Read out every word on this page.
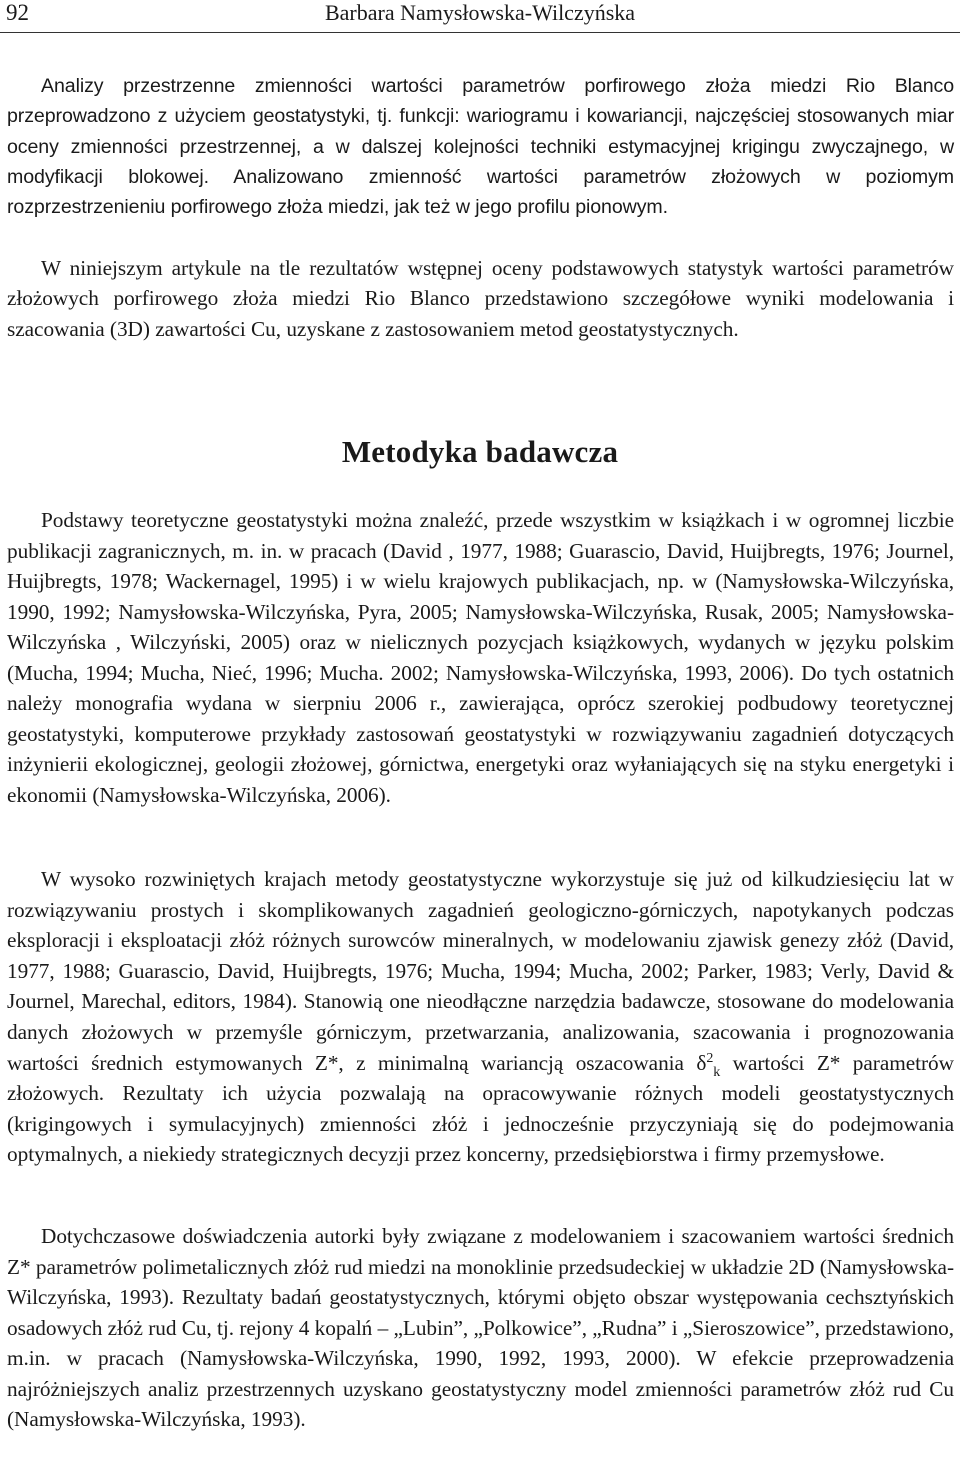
92	Barbara Namysłowska-Wilczyńska

Analizy przestrzenne zmienności wartości parametrów porfirowego złoża miedzi Rio Blanco przeprowadzono z użyciem geostatystyki, tj. funkcji: wariogramu i kowariancji, najczęściej stosowanych miar oceny zmienności przestrzennej, a w dalszej kolejności techniki estymacyjnej krigingu zwyczajnego, w modyfikacji blokowej. Analizowano zmienność wartości parametrów złożowych w poziomym rozprzestrzenieniu porfirowego złoża miedzi, jak też w jego profilu pionowym.

W niniejszym artykule na tle rezultatów wstępnej oceny podstawowych statystyk wartości parametrów złożowych porfirowego złoża miedzi Rio Blanco przedstawiono szczegółowe wyniki modelowania i szacowania (3D) zawartości Cu, uzyskane z zastosowaniem metod geostatystycznych.

Metodyka badawcza

Podstawy teoretyczne geostatystyki można znaleźć, przede wszystkim w książkach i w ogromnej liczbie publikacji zagranicznych, m. in. w pracach (David , 1977, 1988; Guarascio, David, Huijbregts, 1976; Journel, Huijbregts, 1978; Wackernagel, 1995) i w wielu krajowych publikacjach, np. w (Namysłowska-Wilczyńska, 1990, 1992; Namysłowska-Wilczyńska, Pyra, 2005; Namysłowska-Wilczyńska, Rusak, 2005; Namysłowska-Wilczyńska , Wilczyński, 2005) oraz w nielicznych pozycjach książkowych, wydanych w języku polskim (Mucha, 1994; Mucha, Nieć, 1996; Mucha. 2002; Namysłowska-Wilczyńska, 1993, 2006). Do tych ostatnich należy monografia wydana w sierpniu 2006 r., zawierająca, oprócz szerokiej podbudowy teoretycznej geostatystyki, komputerowe przykłady zastosowań geostatystyki w rozwiązywaniu zagadnień dotyczących inżynierii ekologicznej, geologii złożowej, górnictwa, energetyki oraz wyłaniających się na styku energetyki i ekonomii (Namysłowska-Wilczyńska, 2006).

W wysoko rozwiniętych krajach metody geostatystyczne wykorzystuje się już od kilkudziesięciu lat w rozwiązywaniu prostych i skomplikowanych zagadnień geologiczno-górniczych, napotykanych podczas eksploracji i eksploatacji złóż różnych surowców mineralnych, w modelowaniu zjawisk genezy złóż (David, 1977, 1988; Guarascio, David, Huijbregts, 1976; Mucha, 1994; Mucha, 2002; Parker, 1983; Verly, David & Journel, Marechal, editors, 1984). Stanowią one nieodłączne narzędzia badawcze, stosowane do modelowania danych złożowych w przemyśle górniczym, przetwarzania, analizowania, szacowania i prognozowania wartości średnich estymowanych Z*, z minimalną wariancją oszacowania $\delta^2_k$ wartości Z* parametrów złożowych. Rezultaty ich użycia pozwalają na opracowywanie różnych modeli geostatystycznych (krigingowych i symulacyjnych) zmienności złóż i jednocześnie przyczyniają się do podejmowania optymalnych, a niekiedy strategicznych decyzji przez koncerny, przedsiębiorstwa i firmy przemysłowe.

Dotychczasowe doświadczenia autorki były związane z modelowaniem i szacowaniem wartości średnich Z* parametrów polimetalicznych złóż rud miedzi na monoklinie przedsudeckiej w układzie 2D (Namysłowska-Wilczyńska, 1993). Rezultaty badań geostatystycznych, którymi objęto obszar występowania cechsztyńskich osadowych złóż rud Cu, tj. rejony 4 kopalń – „Lubin”, „Polkowice”, „Rudna” i „Sieroszowice”, przedstawiono, m.in. w pracach (Namysłowska-Wilczyńska, 1990, 1992, 1993, 2000). W efekcie przeprowadzenia najróżniejszych analiz przestrzennych uzyskano geostatystyczny model zmienności parametrów złóż rud Cu (Namysłowska-Wilczyńska, 1993).
